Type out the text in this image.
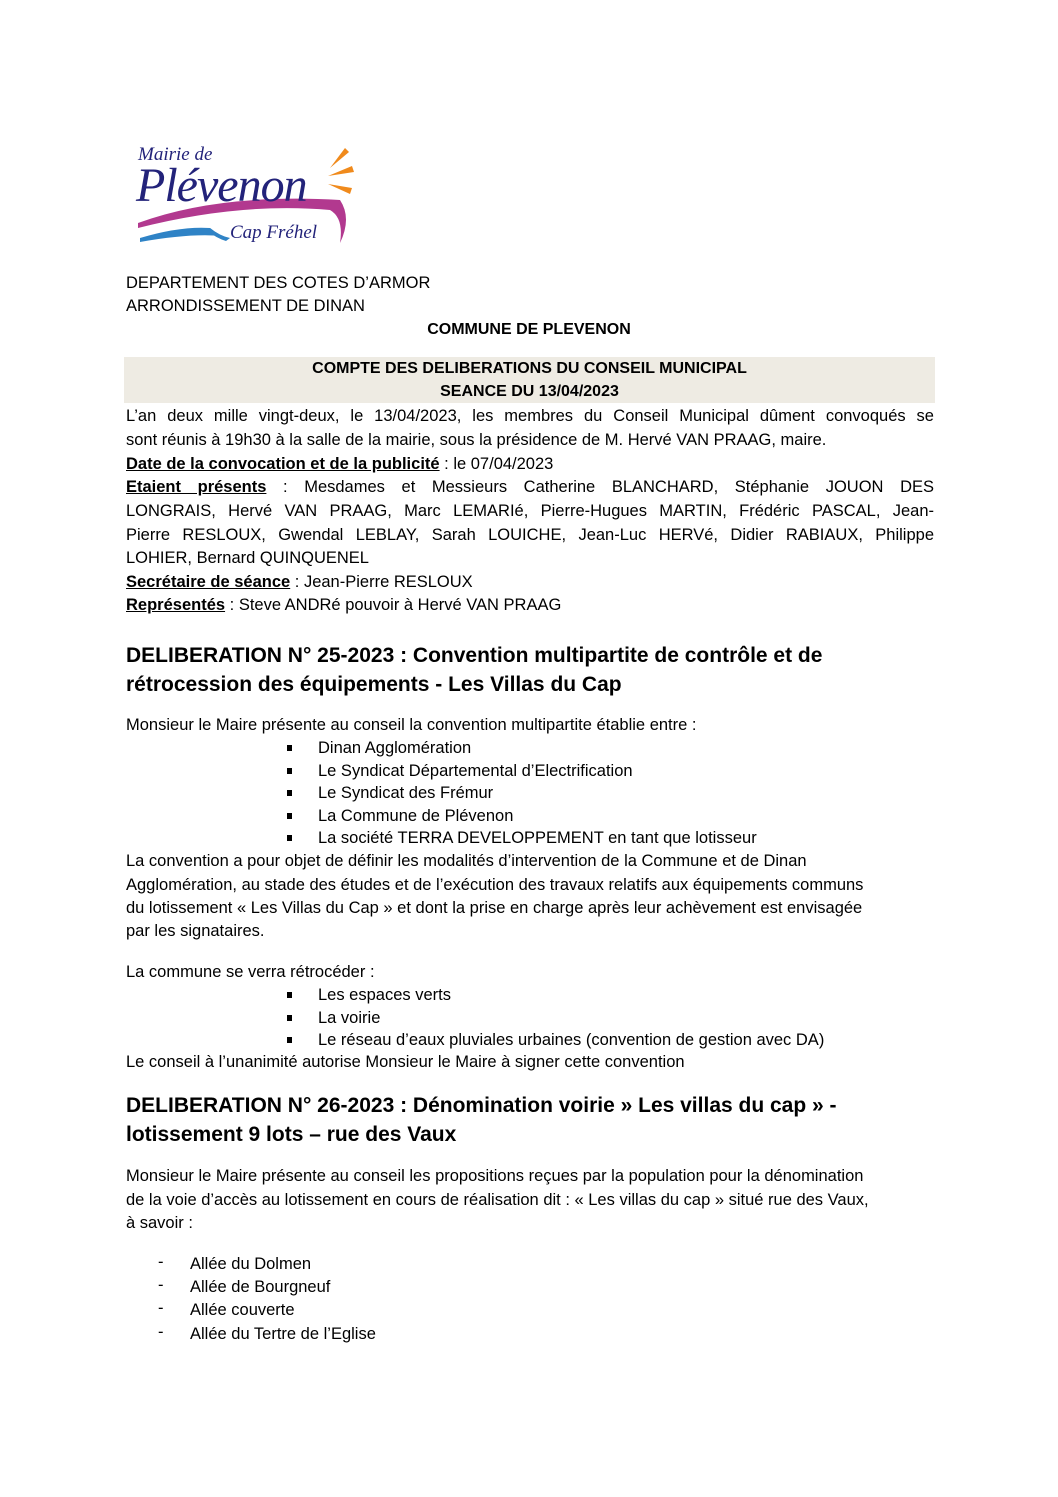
Mairie de
Plévenon
Cap Fréhel
DEPARTEMENT DES COTES D’ARMOR
ARRONDISSEMENT DE DINAN
COMMUNE DE PLEVENON
COMPTE DES DELIBERATIONS DU CONSEIL MUNICIPAL
SEANCE DU 13/04/2023
L’an deux mille vingt-deux, le 13/04/2023, les membres du Conseil Municipal dûment convoqués se
sont réunis à 19h30 à la salle de la mairie, sous la présidence de M. Hervé VAN PRAAG, maire.
Date de la convocation et de la publicité : le 07/04/2023
Etaient présents : Mesdames et Messieurs Catherine BLANCHARD, Stéphanie JOUON DES
LONGRAIS, Hervé VAN PRAAG, Marc LEMARIé, Pierre-Hugues MARTIN, Frédéric PASCAL, Jean-
Pierre RESLOUX, Gwendal LEBLAY, Sarah LOUICHE, Jean-Luc HERVé, Didier RABIAUX, Philippe
LOHIER, Bernard QUINQUENEL
Secrétaire de séance : Jean-Pierre RESLOUX
Représentés : Steve ANDRé pouvoir à Hervé VAN PRAAG
DELIBERATION N° 25-2023 : Convention multipartite de contrôle et de
rétrocession des équipements - Les Villas du Cap
Monsieur le Maire présente au conseil la convention multipartite établie entre :
Dinan Agglomération
Le Syndicat Départemental d’Electrification
Le Syndicat des Frémur
La Commune de Plévenon
La société TERRA DEVELOPPEMENT en tant que lotisseur
La convention a pour objet de définir les modalités d’intervention de la Commune et de Dinan
Agglomération, au stade des études et de l’exécution des travaux relatifs aux équipements communs
du lotissement « Les Villas du Cap » et dont la prise en charge après leur achèvement est envisagée
par les signataires.
La commune se verra rétrocéder :
Les espaces verts
La voirie
Le réseau d’eaux pluviales urbaines (convention de gestion avec DA)
Le conseil à l’unanimité autorise Monsieur le Maire à signer cette convention
DELIBERATION N° 26-2023 : Dénomination voirie » Les villas du cap » -
lotissement 9 lots – rue des Vaux
Monsieur le Maire présente au conseil les propositions reçues par la population pour la dénomination
de la voie d’accès au lotissement en cours de réalisation dit : « Les villas du cap » situé rue des Vaux,
à savoir :
- Allée du Dolmen
- Allée de Bourgneuf
- Allée couverte
- Allée du Tertre de l’Eglise
